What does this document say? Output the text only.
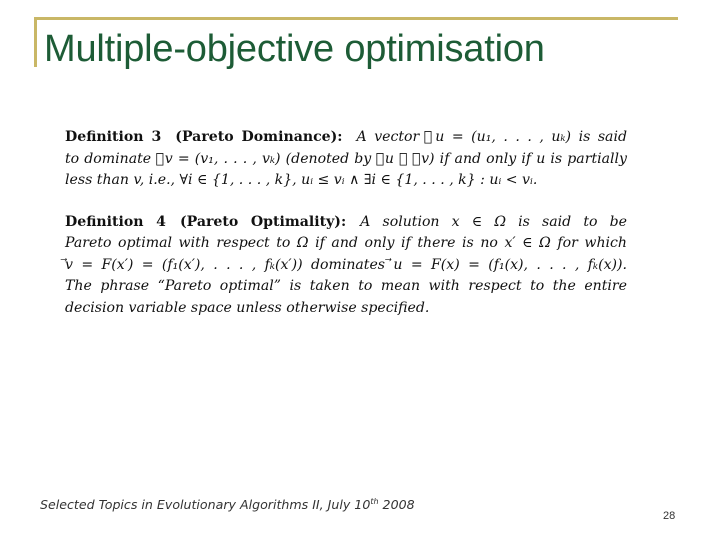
Multiple-objective optimisation
Definition 3 (Pareto Dominance): A vector ⃗u = (u₁, . . . , uₖ) is said
to dominate ⃗v = (v₁, . . . , vₖ) (denoted by ⃗u ⪯ ⃗v) if and only if u is partially
less than v, i.e., ∀i ∈ {1, . . . , k}, uᵢ ≤ vᵢ ∧ ∃i ∈ {1, . . . , k} : uᵢ < vᵢ.
Definition 4 (Pareto Optimality): A solution x ∈ Ω is said to be
Pareto optimal with respect to Ω if and only if there is no x′ ∈ Ω for which
⃗v = F(x′) = (f₁(x′), . . . , fₖ(x′)) dominates ⃗u = F(x) = (f₁(x), . . . , fₖ(x)).
The phrase “Pareto optimal” is taken to mean with respect to the entire
decision variable space unless otherwise specified.
Selected Topics in Evolutionary Algorithms II, July 10th 2008
28
